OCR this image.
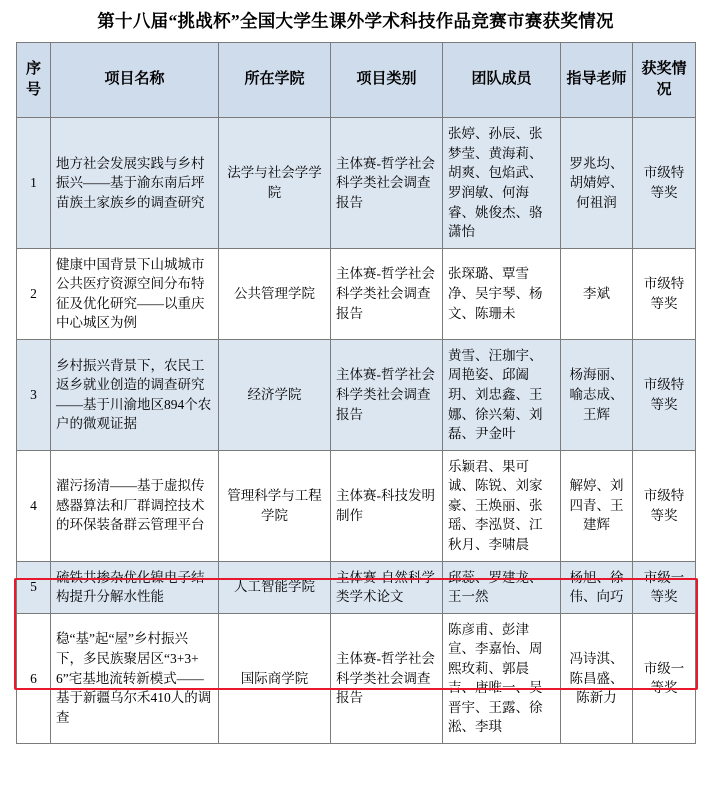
第十八届“挑战杯”全国大学生课外学术科技作品竞赛市赛获奖情况
序号	项目名称	所在学院	项目类别	团队成员	指导老师	获奖情况
1	地方社会发展实践与乡村振兴——基于渝东南后坪苗族土家族乡的调查研究	法学与社会学学院	主体赛-哲学社会科学类社会调查报告	张婷、孙辰、张梦莹、黄海莉、胡爽、包焰武、罗润敏、何海睿、姚俊杰、骆潇怡	罗兆均、胡婧婷、何祖润	市级特等奖
2	健康中国背景下山城城市公共医疗资源空间分布特征及优化研究——以重庆中心城区为例	公共管理学院	主体赛-哲学社会科学类社会调查报告	张琛璐、覃雪净、吴宇琴、杨文、陈珊未	李斌	市级特等奖
3	乡村振兴背景下，农民工返乡就业创造的调查研究——基于川渝地区894个农户的微观证据	经济学院	主体赛-哲学社会科学类社会调查报告	黄雪、汪珈宇、周艳姿、邱阖玥、刘忠鑫、王娜、徐兴菊、刘磊、尹金叶	杨海丽、喻志成、王辉	市级特等奖
4	濯污扬清——基于虚拟传感器算法和厂群调控技术的环保装备群云管理平台	管理科学与工程学院	主体赛-科技发明制作	乐颖君、果可诚、陈锐、刘家豪、王焕丽、张瑶、李泓贤、江秋月、李啸晨	解婷、刘四青、王建辉	市级特等奖
5	硫铁共掺杂优化镍电子结构提升分解水性能	人工智能学院	主体赛-自然科学类学术论文	邱蕊、罗建龙、王一然	杨旭、徐伟、向巧	市级一等奖
6	稳“基”起“屋”乡村振兴下，多民族聚居区“3+3+6”宅基地流转新模式——基于新疆乌尔禾410人的调查	国际商学院	主体赛-哲学社会科学类社会调查报告	陈彦甫、彭津宣、李嘉怡、周熙玫莉、郭晨吉、唐唯一、吴晋宇、王露、徐淞、李琪	冯诗淇、陈昌盛、陈新力	市级一等奖
